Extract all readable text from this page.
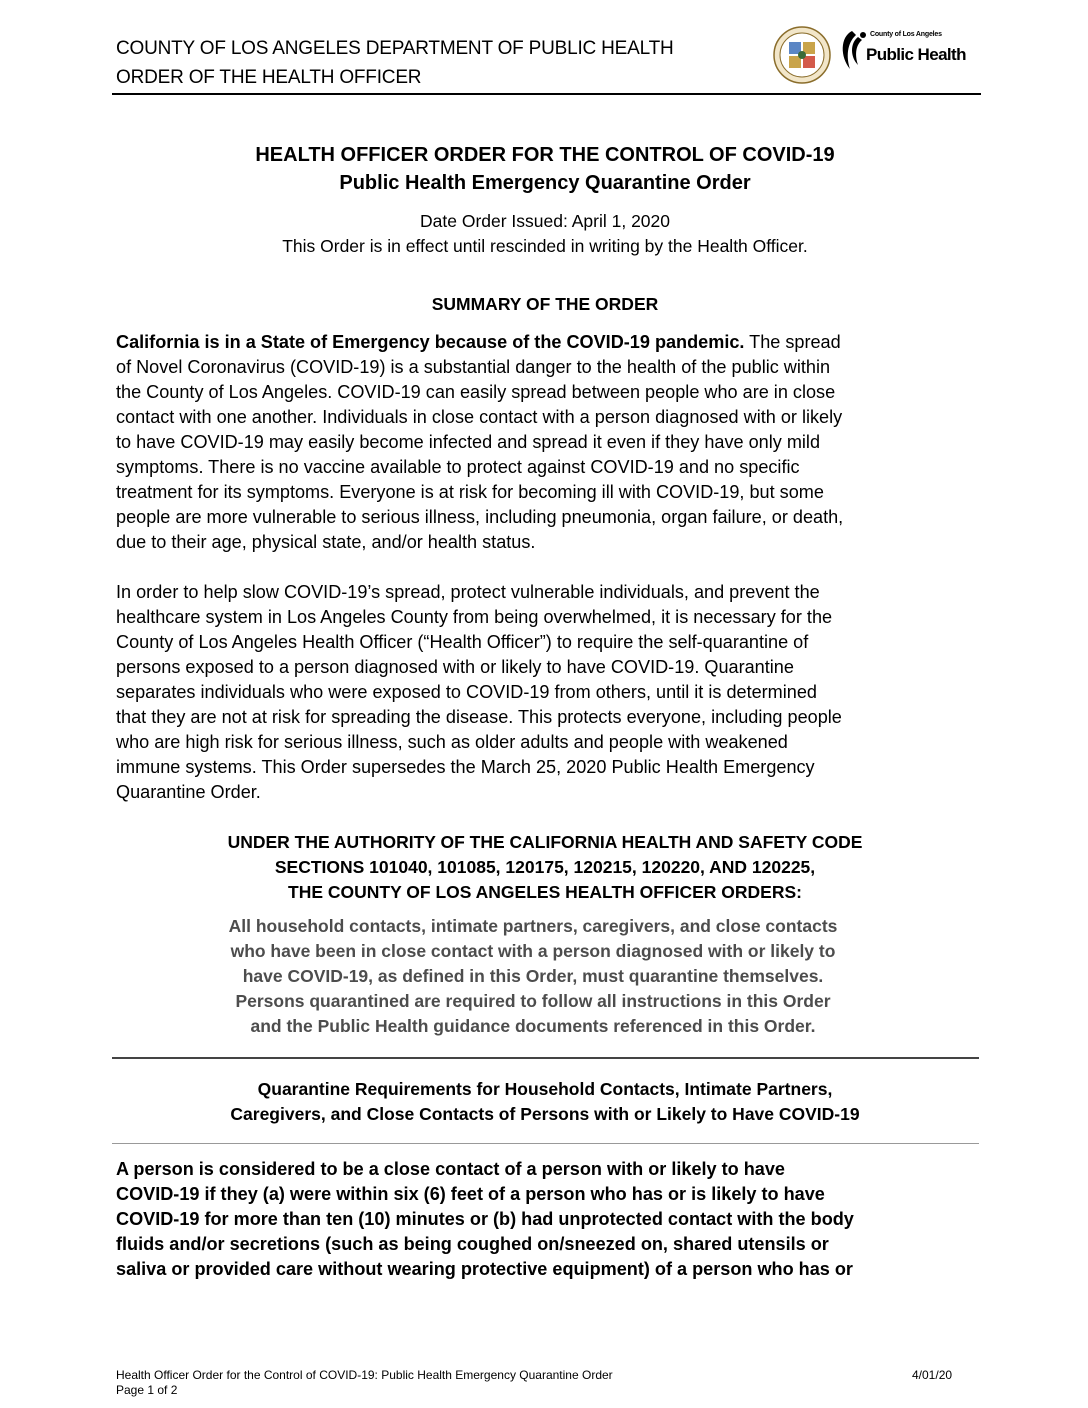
COUNTY OF LOS ANGELES DEPARTMENT OF PUBLIC HEALTH
ORDER OF THE HEALTH OFFICER
County of Los Angeles
Public Health
HEALTH OFFICER ORDER FOR THE CONTROL OF COVID-19
Public Health Emergency Quarantine Order
Date Order Issued: April 1, 2020
This Order is in effect until rescinded in writing by the Health Officer.
SUMMARY OF THE ORDER
California is in a State of Emergency because of the COVID-19 pandemic. The spread
of Novel Coronavirus (COVID-19) is a substantial danger to the health of the public within
the County of Los Angeles. COVID-19 can easily spread between people who are in close
contact with one another. Individuals in close contact with a person diagnosed with or likely
to have COVID-19 may easily become infected and spread it even if they have only mild
symptoms. There is no vaccine available to protect against COVID-19 and no specific
treatment for its symptoms. Everyone is at risk for becoming ill with COVID-19, but some
people are more vulnerable to serious illness, including pneumonia, organ failure, or death,
due to their age, physical state, and/or health status.
In order to help slow COVID-19’s spread, protect vulnerable individuals, and prevent the
healthcare system in Los Angeles County from being overwhelmed, it is necessary for the
County of Los Angeles Health Officer (“Health Officer”) to require the self-quarantine of
persons exposed to a person diagnosed with or likely to have COVID-19. Quarantine
separates individuals who were exposed to COVID-19 from others, until it is determined
that they are not at risk for spreading the disease. This protects everyone, including people
who are high risk for serious illness, such as older adults and people with weakened
immune systems. This Order supersedes the March 25, 2020 Public Health Emergency
Quarantine Order.
UNDER THE AUTHORITY OF THE CALIFORNIA HEALTH AND SAFETY CODE
SECTIONS 101040, 101085, 120175, 120215, 120220, AND 120225,
THE COUNTY OF LOS ANGELES HEALTH OFFICER ORDERS:
All household contacts, intimate partners, caregivers, and close contacts
who have been in close contact with a person diagnosed with or likely to
have COVID-19, as defined in this Order, must quarantine themselves.
Persons quarantined are required to follow all instructions in this Order
and the Public Health guidance documents referenced in this Order.
Quarantine Requirements for Household Contacts, Intimate Partners,
Caregivers, and Close Contacts of Persons with or Likely to Have COVID-19
A person is considered to be a close contact of a person with or likely to have
COVID-19 if they (a) were within six (6) feet of a person who has or is likely to have
COVID-19 for more than ten (10) minutes or (b) had unprotected contact with the body
fluids and/or secretions (such as being coughed on/sneezed on, shared utensils or
saliva or provided care without wearing protective equipment) of a person who has or
Health Officer Order for the Control of COVID-19: Public Health Emergency Quarantine Order
Page 1 of 2
4/01/20
